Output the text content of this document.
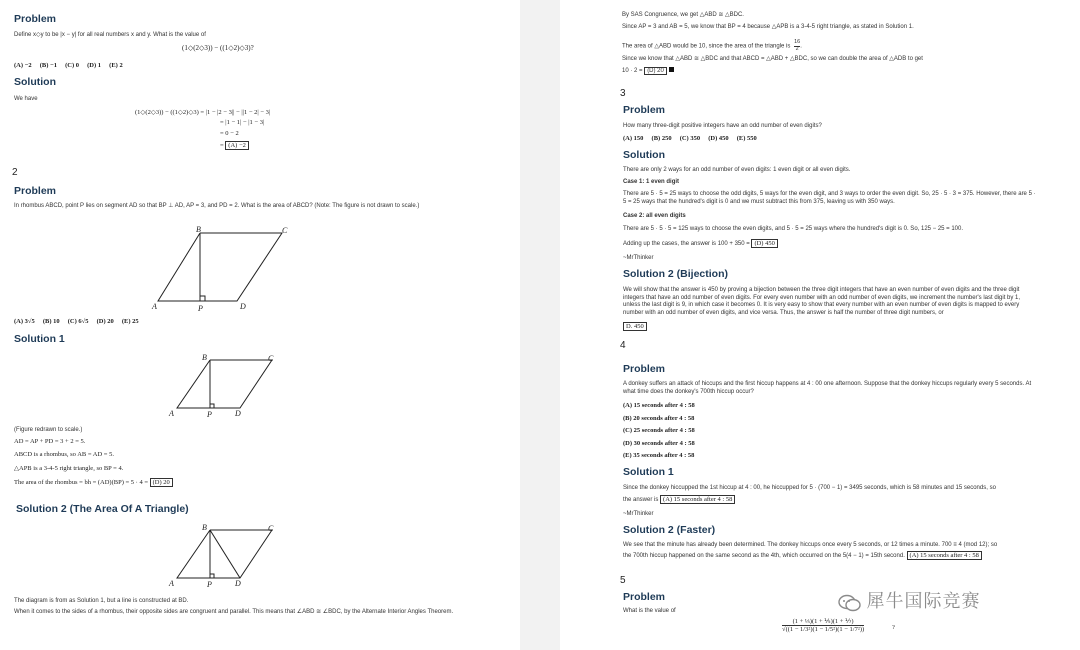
Problem
Define x◇y to be |x − y| for all real numbers x and y. What is the value of
(1◇(2◇3)) − ((1◇2)◇3)?
(A) −2 (B) −1 (C) 0 (D) 1 (E) 2
Solution
We have
(1◇(2◇3)) − ((1◇2)◇3) = |1 − |2 − 3|| − ||1 − 2| − 3|
= |1 − 1| − |1 − 3|
= 0 − 2
= (A) −2
2
Problem
In rhombus ABCD, point P lies on segment AD so that BP ⊥ AD, AP = 3, and PD = 2. What is the area of ABCD? (Note: The figure is not drawn to scale.)
B	C
A	P	D
(A) 3√5 (B) 10 (C) 6√5 (D) 20 (E) 25
Solution 1
B	C
A	P	D
(Figure redrawn to scale.)
AD = AP + PD = 3 + 2 = 5.
ABCD is a rhombus, so AB = AD = 5.
△APB is a 3-4-5 right triangle, so BP = 4.
The area of the rhombus = bh = (AD)(BP) = 5 · 4 = (D) 20
Solution 2 (The Area Of A Triangle)
B	C
A	P	D
The diagram is from as Solution 1, but a line is constructed at BD.
When it comes to the sides of a rhombus, their opposite sides are congruent and parallel. This means that ∠ABD ≅ ∠BDC, by the Alternate Interior Angles Theorem.
By SAS Congruence, we get △ABD ≅ △BDC.
Since AP = 3 and AB = 5, we know that BP = 4 because △APB is a 3-4-5 right triangle, as stated in Solution 1.
The area of △ABD would be 10, since the area of the triangle is $\frac{16}{2}$ .
Since we know that △ABD ≅ △BDC and that ABCD = △ABD + △BDC, so we can double the area of △ADB to get
10 · 2 = (D) 20
3
Problem
How many three-digit positive integers have an odd number of even digits?
(A) 150 (B) 250 (C) 350 (D) 450 (E) 550
Solution
There are only 2 ways for an odd number of even digits: 1 even digit or all even digits.
Case 1: 1 even digit
There are 5 · 5 = 25 ways to choose the odd digits, 5 ways for the even digit, and 3 ways to order the even digit. So, 25 · 5 · 3 = 375. However, there are 5 · 5 = 25 ways that the hundred's digit is 0 and we must subtract this from 375, leaving us with 350 ways.
Case 2: all even digits
There are 5 · 5 · 5 = 125 ways to choose the even digits, and 5 · 5 = 25 ways where the hundred's digit is 0. So, 125 − 25 = 100.
Adding up the cases, the answer is 100 + 350 = (D) 450
~MrThinker
Solution 2 (Bijection)
We will show that the answer is 450 by proving a bijection between the three digit integers that have an even number of even digits and the three digit integers that have an odd number of even digits. For every even number with an odd number of even digits, we increment the number's last digit by 1, unless the last digit is 9, in which case it becomes 0. It is very easy to show that every number with an even number of even digits is mapped to every number with an odd number of even digits, and vice versa. Thus, the answer is half the number of three digit numbers, or
D. 450
4
Problem
A donkey suffers an attack of hiccups and the first hiccup happens at 4 : 00 one afternoon. Suppose that the donkey hiccups regularly every 5 seconds. At what time does the donkey's 700th hiccup occur?
(A) 15 seconds after 4 : 58
(B) 20 seconds after 4 : 58
(C) 25 seconds after 4 : 58
(D) 30 seconds after 4 : 58
(E) 35 seconds after 4 : 58
Solution 1
Since the donkey hiccupped the 1st hiccup at 4 : 00, he hiccupped for 5 · (700 − 1) = 3495 seconds, which is 58 minutes and 15 seconds, so
the answer is (A) 15 seconds after 4 : 58
~MrThinker
Solution 2 (Faster)
We see that the minute has already been determined. The donkey hiccups once every 5 seconds, or 12 times a minute. 700 ≡ 4 (mod 12); so
the 700th hiccup happened on the same second as the 4th, which occurred on the 5(4 − 1) = 15th second. (A) 15 seconds after 4 : 58
5
Problem
What is the value of
$\frac{\text{(1 + ⅓)(1 + ⅕)(1 + ⅐)}}{\text{√((1 − 1/3²)(1 − 1/5²)(1 − 1/7²))}}$	?
犀牛国际竞赛
